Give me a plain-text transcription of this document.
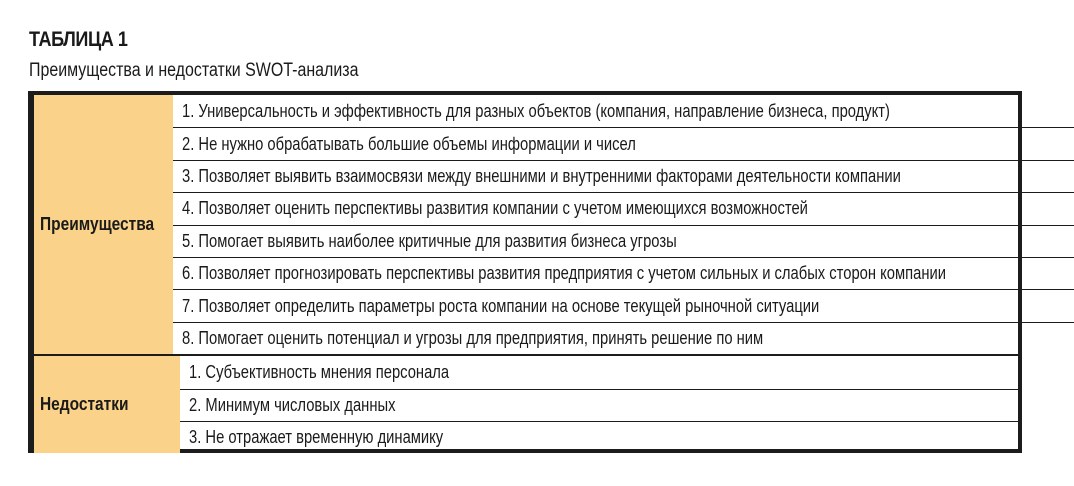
ТАБЛИЦА 1
Преимущества и недостатки SWOT-анализа
Преимущества
1. Универсальность и эффективность для разных объектов (компания, направление бизнеса, продукт)
2. Не нужно обрабатывать большие объемы информации и чисел
3. Позволяет выявить взаимосвязи между внешними и внутренними факторами деятельности компании
4. Позволяет оценить перспективы развития компании с учетом имеющихся возможностей
5. Помогает выявить наиболее критичные для развития бизнеса угрозы
6. Позволяет прогнозировать перспективы развития предприятия с учетом сильных и слабых сторон компании
7. Позволяет определить параметры роста компании на основе текущей рыночной ситуации
8. Помогает оценить потенциал и угрозы для предприятия, принять решение по ним
Недостатки
1. Субъективность мнения персонала
2. Минимум числовых данных
3. Не отражает временную динамику
